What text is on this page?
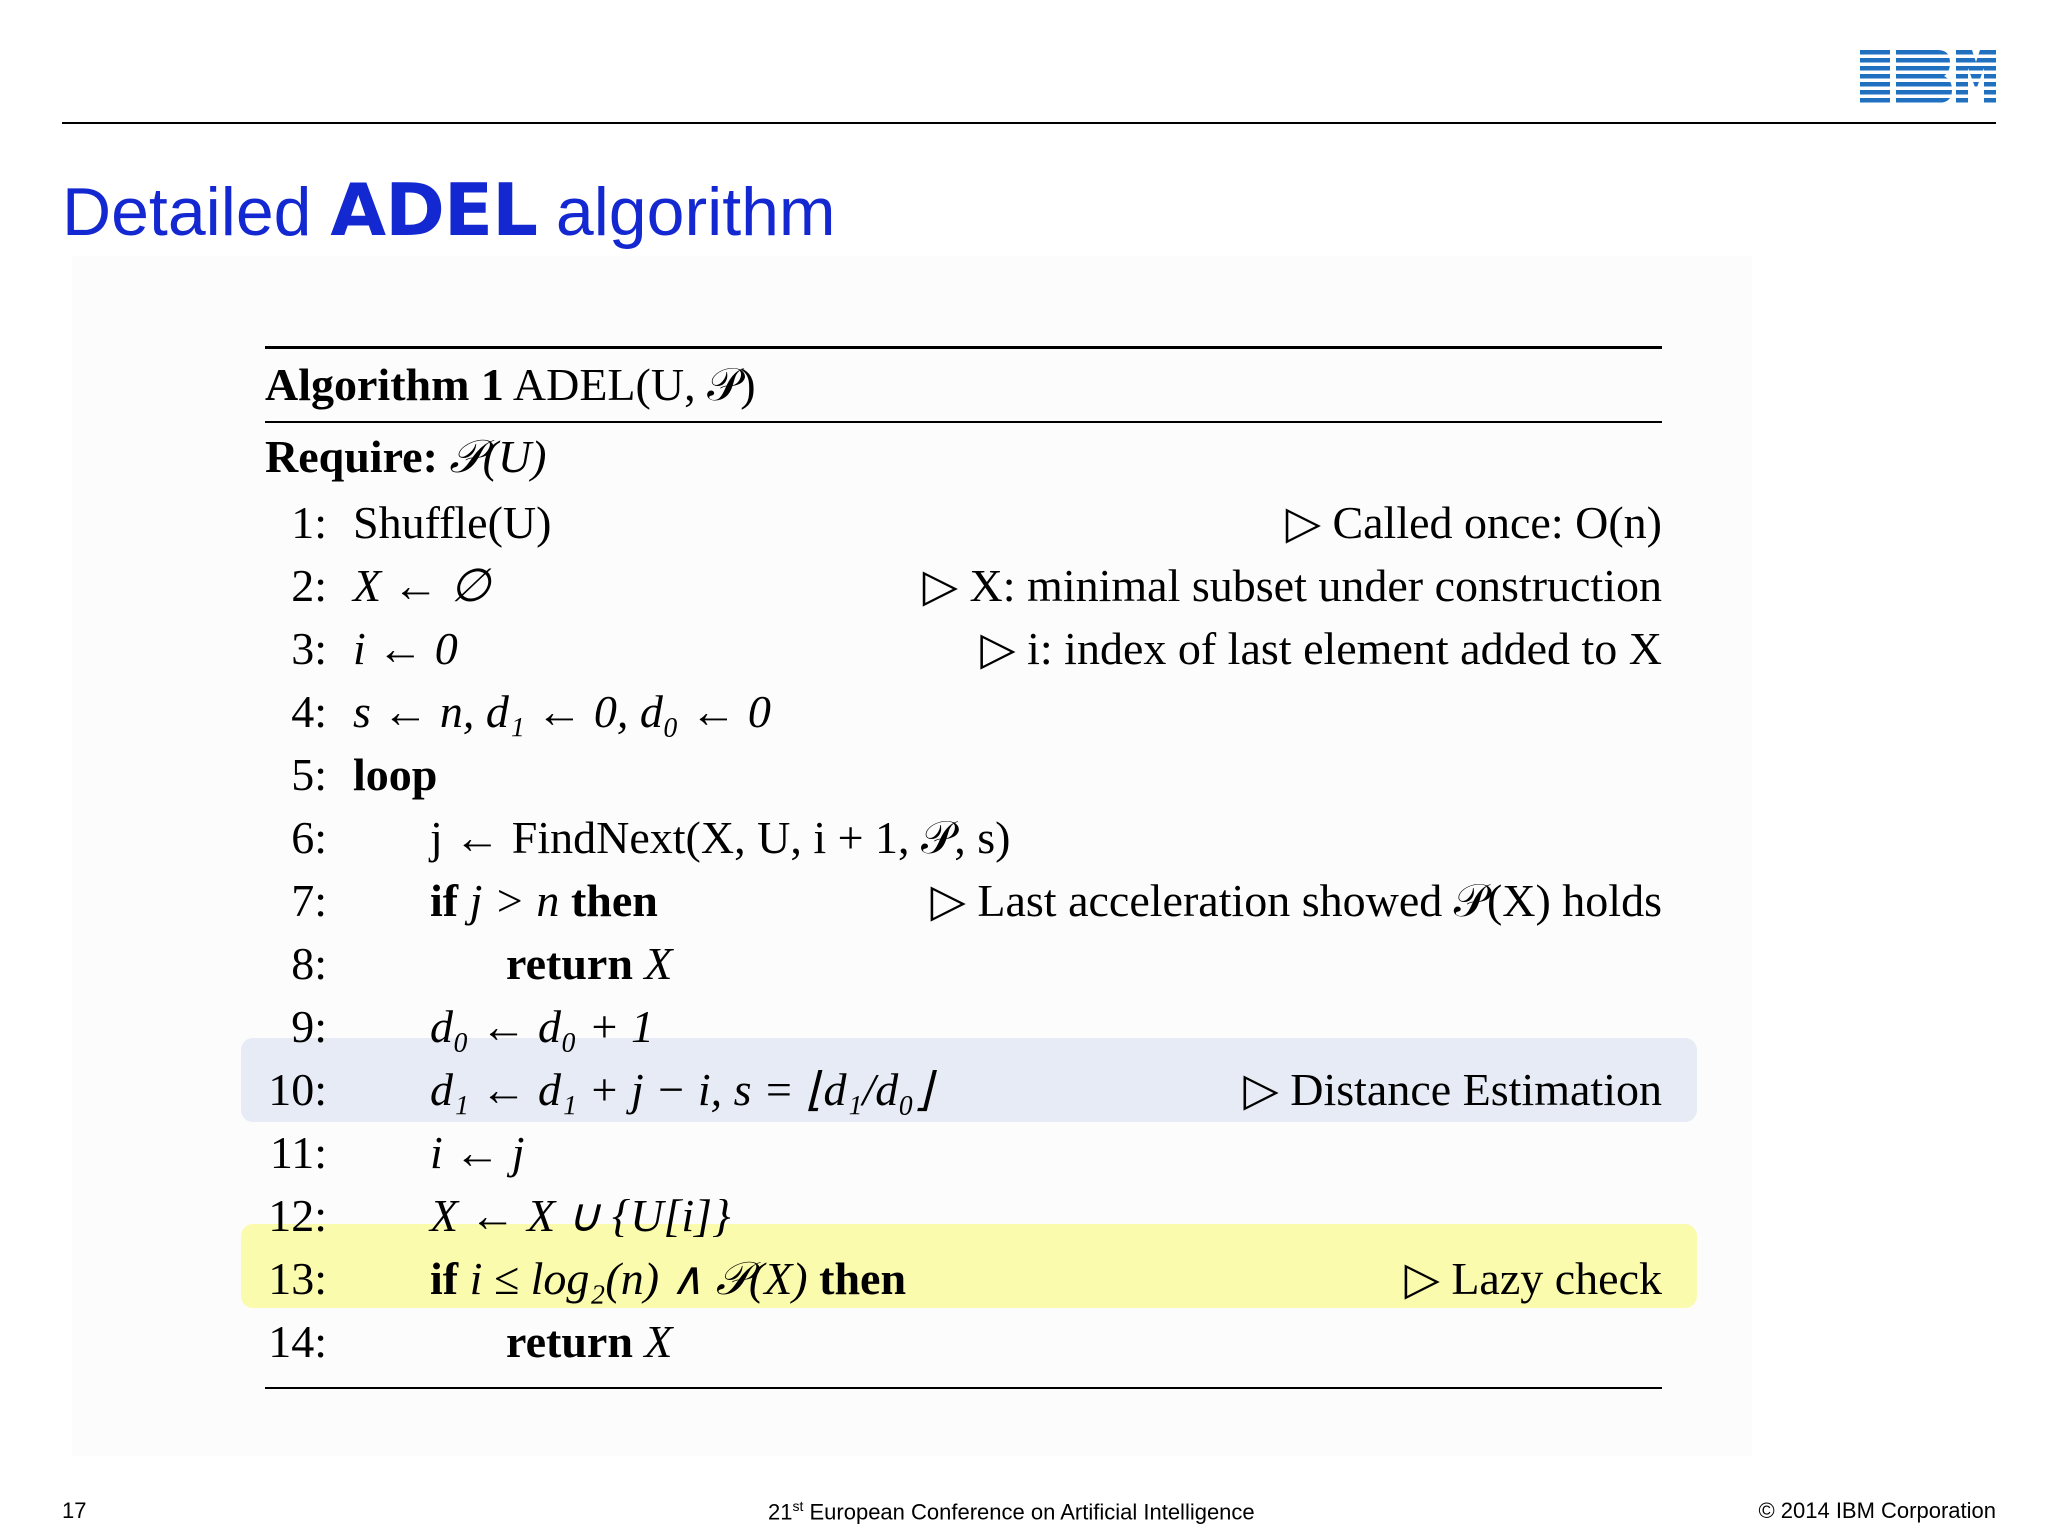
Detailed ADEL algorithm
Algorithm 1 ADEL(U, 𝒫)
Require: 𝒫(U)
1: Shuffle(U)	▷ Called once: O(n)
2: X ← ∅	▷ X: minimal subset under construction
3: i ← 0	▷ i: index of last element added to X
4: s ← n, d₁ ← 0, d₀ ← 0
5: loop
6: j ← FindNext(X, U, i + 1, 𝒫, s)
7: if j > n then	▷ Last acceleration showed 𝒫(X) holds
8:	return X
9: d₀ ← d₀ + 1
10: d₁ ← d₁ + j − i, s = ⌊d₁/d₀⌋	▷ Distance Estimation
11: i ← j
12: X ← X ∪ {U[i]}
13: if i ≤ log₂(n) ∧ 𝒫(X) then	▷ Lazy check
14:	return X
17	21st European Conference on Artificial Intelligence	© 2014 IBM Corporation
